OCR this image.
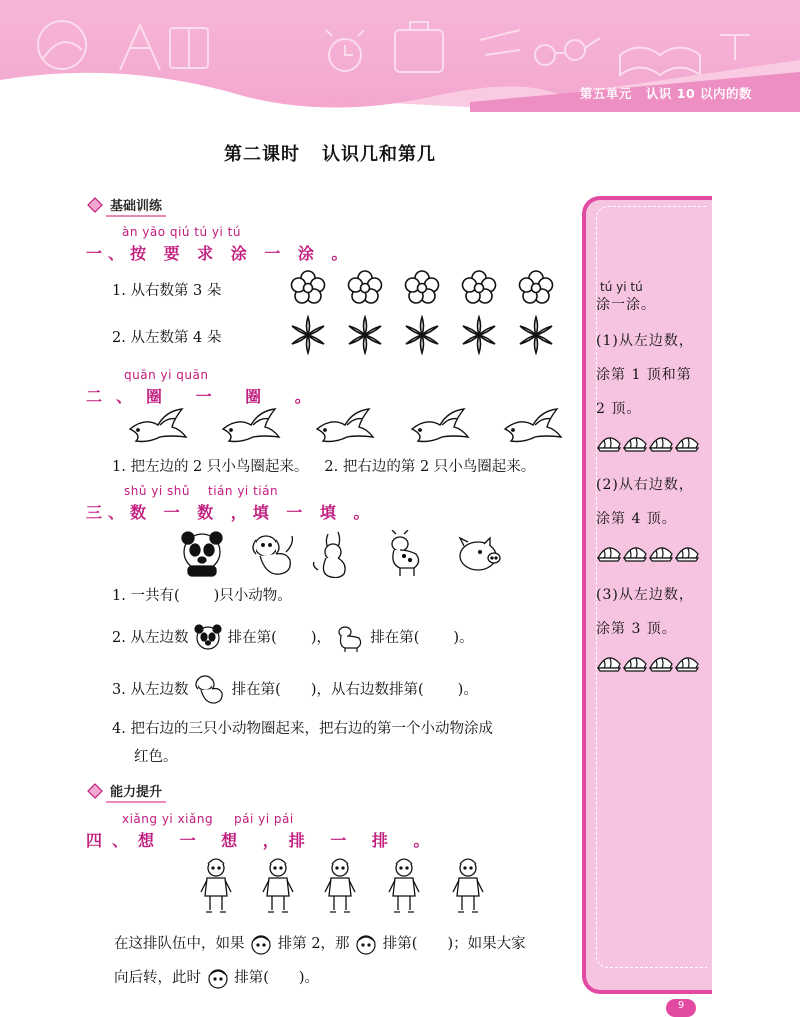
第五单元 认识 10 以内的数
第二课时 认识几和第几
基础训练
àn yāo qiú tú yi tú
一、按 要 求 涂 一 涂 。
1. 从右数第 3 朵
2. 从左数第 4 朵
quān yi quān
二、圈 一 圈 。
1. 把左边的 2 只小鸟圈起来。 2. 把右边的第 2 只小鸟圈起来。
shǔ yi shǔ tián yi tián
三、数 一 数 ，填 一 填 。
1. 一共有( )只小动物。
2. 从左边数	排在第( )，	排在第( )。
3. 从左边数	排在第( )，从右边数排第( )。
4. 把右边的三只小动物圈起来，把右边的第一个小动物涂成
红色。
能力提升
xiǎng yi xiǎng pái yi pái
四、想 一 想 ，排 一 排 。
在这排队伍中，如果 排第 2，那 排第( )；如果大家
向后转，此时 排第( )。
tú yi tú
涂一涂。
(1)从左边数，
涂第 1 顶和第
2 顶。
(2)从右边数，
涂第 4 顶。
(3)从左边数，
涂第 3 顶。
9
